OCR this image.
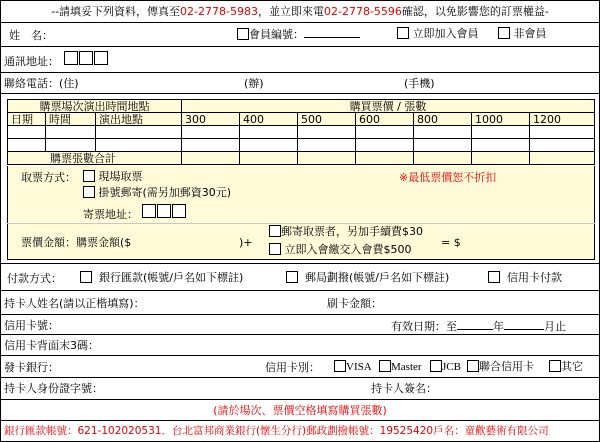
--請填妥下列資料，傳真至02-2778-5983，並立即來電02-2778-5596確認，以免影響您的訂票權益-
姓　名：	會員編號：	立即加入會員	非會員
通訊地址：
聯絡電話：(住)	(辦)	(手機)
購票場次演出時間地點			購買票價 / 張數						
日期	時間	演出地點	300	400	500	600	800	1000	1200

購票張數合計									
取票方式：	現場取票	※最低票價恕不折扣
掛號郵寄(需另加郵資30元)
寄票地址：
票價金額：購票金額($	)+
郵寄取票者，另加手續費$30
立即入會繳交入會費$500
= $
付款方式：	銀行匯款(帳號/戶名如下標註)	郵局劃撥(帳號/戶名如下標註)	信用卡付款
持卡人姓名(請以正楷填寫)：	刷卡金額：
信用卡號：	有效日期：至	年	月止
信用卡背面末3碼：
發卡銀行：	信用卡別：	VISA	Master	JCB	聯合信用卡	其它
持卡人身份證字號：	持卡人簽名：
(請於場次、票價空格填寫購買張數)
銀行匯款帳號：621-102020531．台北富邦商業銀行(懷生分行)郵政劃撥帳號：19525420戶名：童歡藝術有限公司
